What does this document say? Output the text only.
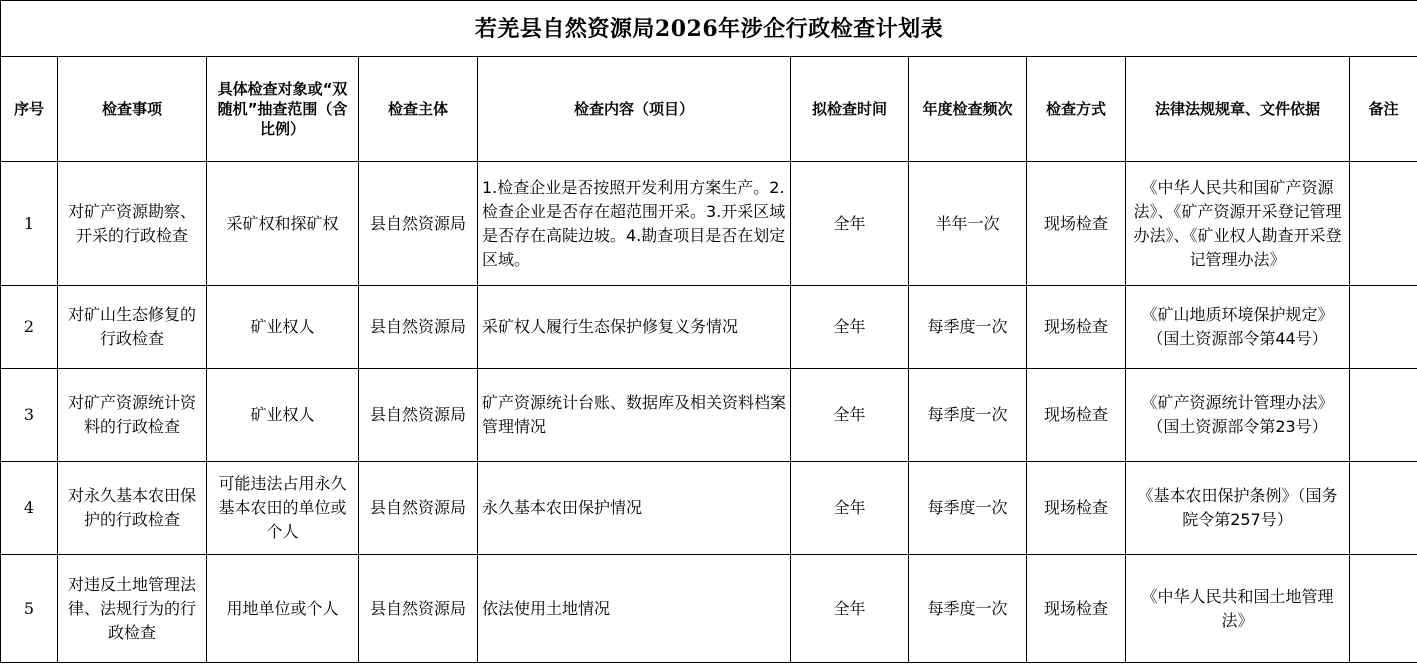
若羌县自然资源局2026年涉企行政检查计划表									
序号	检查事项	具体检查对象或“双随机”抽查范围（含比例）	检查主体	检查内容（项目）	拟检查时间	年度检查频次	检查方式	法律法规规章、文件依据	备注
1	对矿产资源勘察、开采的行政检查	采矿权和探矿权	县自然资源局	1.检查企业是否按照开发利用方案生产。2.检查企业是否存在超范围开采。3.开采区域是否存在高陡边坡。4.勘查项目是否在划定区域。	全年	半年一次	现场检查	《中华人民共和国矿产资源法》、《矿产资源开采登记管理办法》、《矿业权人勘查开采登记管理办法》	
2	对矿山生态修复的行政检查	矿业权人	县自然资源局	采矿权人履行生态保护修复义务情况	全年	每季度一次	现场检查	《矿山地质环境保护规定》（国土资源部令第44号）	
3	对矿产资源统计资料的行政检查	矿业权人	县自然资源局	矿产资源统计台账、数据库及相关资料档案管理情况	全年	每季度一次	现场检查	《矿产资源统计管理办法》（国土资源部令第23号）	
4	对永久基本农田保护的行政检查	可能违法占用永久基本农田的单位或个人	县自然资源局	永久基本农田保护情况	全年	每季度一次	现场检查	《基本农田保护条例》（国务院令第257号）	
5	对违反土地管理法律、法规行为的行政检查	用地单位或个人	县自然资源局	依法使用土地情况	全年	每季度一次	现场检查	《中华人民共和国土地管理法》	
